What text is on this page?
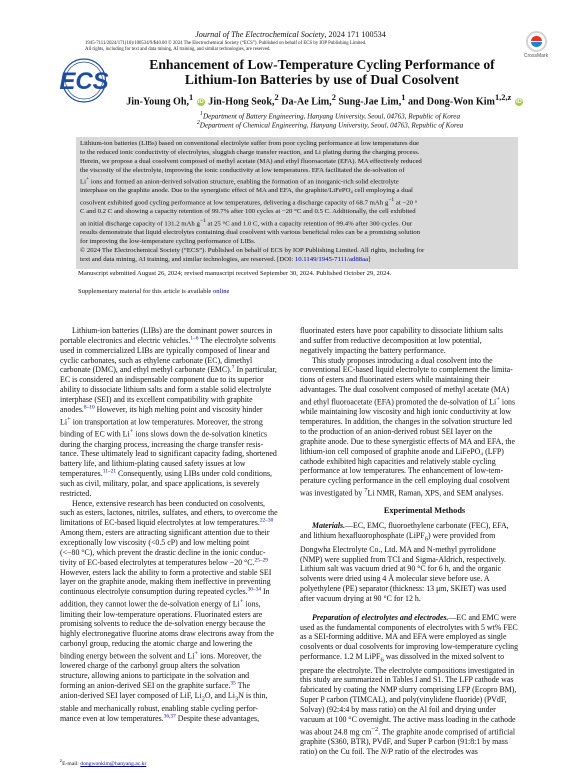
Journal of The Electrochemical Society, 2024 171 100534
1945-7111/2024/171(10)/100534/9/$40.00 © 2024 The Electrochemical Society (“ECS”). Published on behalf of ECS by IOP Publishing Limited.
All rights, including for text and data mining, AI training, and similar technologies, are reserved.
CrossMark
ECS
Enhancement of Low-Temperature Cycling Performance of
Lithium-Ion Batteries by use of Dual Cosolvent
Jin-Young Oh,$^1$ iD Jin-Hong Seok,$^2$ Da-Ae Lim,$^2$ Sung-Jae Lim,$^1$ and Dong-Won Kim$^{1,2,z}$ iD
$^1$Department of Battery Engineering, Hanyang University, Seoul, 04763, Republic of Korea
$^2$Department of Chemical Engineering, Hanyang University, Seoul, 04763, Republic of Korea
Lithium-ion batteries (LIBs) based on conventional electrolyte suffer from poor cycling performance at low temperatures due
to the reduced ionic conductivity of electrolytes, sluggish charge transfer reaction, and Li plating during the charging process.
Herein, we propose a dual cosolvent composed of methyl acetate (MA) and ethyl fluoroacetate (EFA). MA effectively reduced
the viscosity of the electrolyte, improving the ionic conductivity at low temperatures. EFA facilitated the de-solvation of
Li+ ions and formed an anion-derived solvation structure, enabling the formation of an inorganic-rich solid electrolyte
interphase on the graphite anode. Due to the synergistic effect of MA and EFA, the graphite/LiFePO₄ cell employing a dual
cosolvent exhibited good cycling performance at low temperatures, delivering a discharge capacity of 68.7 mAh $g^{-1}$ at −20 °
C and 0.2 C and showing a capacity retention of 99.7% after 100 cycles at −20 °C and 0.5 C. Additionally, the cell exhibited
an initial discharge capacity of 131.2 mAh $g^{-1}$ at 25 °C and 1.0 C, with a capacity retention of 99.4% after 300 cycles. Our
results demonstrate that liquid electrolytes containing dual cosolvent with various beneficial roles can be a promising solution
for improving the low-temperature cycling performance of LIBs.
© 2024 The Electrochemical Society (“ECS”). Published on behalf of ECS by IOP Publishing Limited. All rights, including for
text and data mining, AI training, and similar technologies, are reserved. [DOI: 10.1149/1945-7111/ad88aa]
Manuscript submitted August 26, 2024; revised manuscript received September 30, 2024. Published October 29, 2024.
Supplementary material for this article is available online

Lithium-ion batteries (LIBs) are the dominant power sources in
portable electronics and electric vehicles.$^{1-6}$ The electrolyte solvents
used in commercialized LIBs are typically composed of linear and
cyclic carbonates, such as ethylene carbonate (EC), dimethyl
carbonate (DMC), and ethyl methyl carbonate (EMC).$^7$ In particular,
EC is considered an indispensable component due to its superior
ability to dissociate lithium salts and form a stable solid electrolyte
interphase (SEI) and its excellent compatibility with graphite
anodes.$^{8-10}$ However, its high melting point and viscosity hinder
Li+ ion transportation at low temperatures. Moreover, the strong
binding of EC with Li+ ions slows down the de-solvation kinetics
during the charging process, increasing the charge transfer resis-
tance. These ultimately lead to significant capacity fading, shortened
battery life, and lithium-plating caused safety issues at low
temperatures.$^{11-21}$ Consequently, using LIBs under cold conditions,
such as civil, military, polar, and space applications, is severely
restricted.

Hence, extensive research has been conducted on cosolvents,
such as esters, lactones, nitriles, sulfates, and ethers, to overcome the
limitations of EC-based liquid electrolytes at low temperatures.$^{22-30}$
Among them, esters are attracting significant attention due to their
exceptionally low viscosity (<0.5 cP) and low melting point
(<−80 °C), which prevent the drastic decline in the ionic conduc-
tivity of EC-based electrolytes at temperatures below −20 °C.$^{25-29}$
However, esters lack the ability to form a protective and stable SEI
layer on the graphite anode, making them ineffective in preventing
continuous electrolyte consumption during repeated cycles.$^{30-34}$ In
addition, they cannot lower the de-solvation energy of Li+ ions,
limiting their low-temperature operations. Fluorinated esters are
promising solvents to reduce the de-solvation energy because the
highly electronegative fluorine atoms draw electrons away from the
carbonyl group, reducing the atomic charge and lowering the
binding energy between the solvent and Li+ ions. Moreover, the
lowered charge of the carbonyl group alters the solvation
structure, allowing anions to participate in the solvation and
forming an anion-derived SEI on the graphite surface.$^{35}$ The
anion-derived SEI layer composed of LiF, $Li_2O$, and $Li_3N$ is thin,
stable and mechanically robust, enabling stable cycling perfor-
mance even at low temperatures.$^{36,37}$ Despite these advantages,

fluorinated esters have poor capability to dissociate lithium salts
and suffer from reductive decomposition at low potential,
negatively impacting the battery performance.

This study proposes introducing a dual cosolvent into the
conventional EC-based liquid electrolyte to complement the limita-
tions of esters and fluorinated esters while maintaining their
advantages. The dual cosolvent composed of methyl acetate (MA)
and ethyl fluoroacetate (EFA) promoted the de-solvation of Li+ ions
while maintaining low viscosity and high ionic conductivity at low
temperatures. In addition, the changes in the solvation structure led
to the production of an anion-derived robust SEI layer on the
graphite anode. Due to these synergistic effects of MA and EFA, the
lithium-ion cell composed of graphite anode and LiFePO₄ (LFP)
cathode exhibited high capacities and relatively stable cycling
performance at low temperatures. The enhancement of low-tem-
perature cycling performance in the cell employing dual cosolvent
was investigated by $^7$Li NMR, Raman, XPS, and SEM analyses.

Experimental Methods

Materials.—EC, EMC, fluoroethylene carbonate (FEC), EFA,
and lithium hexafluorophosphate (LiPF$_6$) were provided from
Dongwha Electrolyte Co., Ltd. MA and N-methyl pyrrolidone
(NMP) were supplied from TCI and Sigma-Aldrich, respectively.
Lithium salt was vacuum dried at 90 °C for 6 h, and the organic
solvents were dried using 4 Å molecular sieve before use. A
polyethylene (PE) separator (thickness: 13 μm, SKIET) was used
after vacuum drying at 90 °C for 12 h.

Preparation of electrolytes and electrodes.—EC and EMC were
used as the fundamental components of electrolytes with 5 wt% FEC
as a SEI-forming additive. MA and EFA were employed as single
cosolvents or dual cosolvents for improving low-temperature cycling
performance. 1.2 M LiPF$_6$ was dissolved in the mixed solvent to
prepare the electrolyte. The electrolyte compositions investigated in
this study are summarized in Tables I and S1. The LFP cathode was
fabricated by coating the NMP slurry comprising LFP (Ecopro BM),
Super P carbon (TIMCAL), and poly(vinylidene fluoride) (PVdF,
Solvay) (92:4:4 by mass ratio) on the Al foil and drying under
vacuum at 100 °C overnight. The active mass loading in the cathode
was about 24.8 mg $cm^{-2}$. The graphite anode comprised of artificial
graphite (S360, BTR), PVdF, and Super P carbon (91:8:1 by mass
ratio) on the Cu foil. The N/P ratio of the electrodes was

$^z$E-mail: dongwonkim@hanyang.ac.kr
